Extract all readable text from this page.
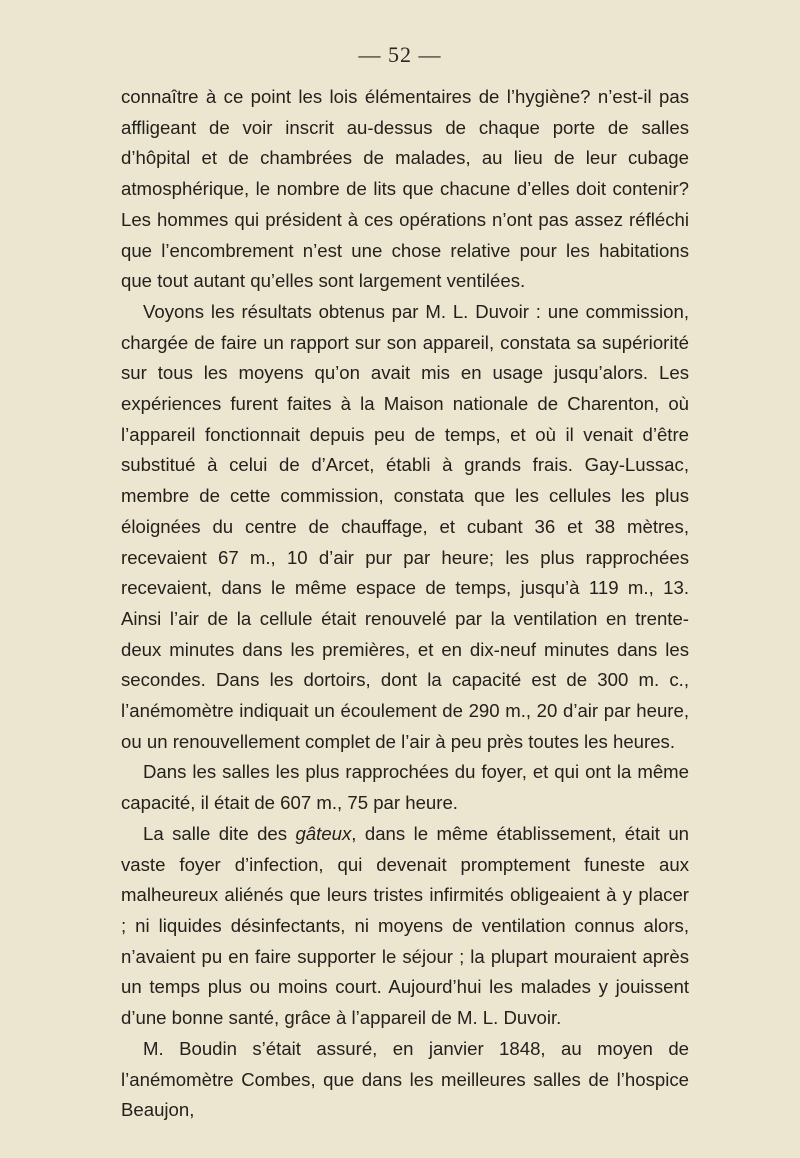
— 52 —

connaître à ce point les lois élémentaires de l’hygiène? n’est-il pas affligeant de voir inscrit au-dessus de chaque porte de salles d’hôpital et de chambrées de malades, au lieu de leur cubage atmosphérique, le nombre de lits que chacune d’elles doit contenir? Les hommes qui président à ces opérations n’ont pas assez réfléchi que l’encombrement n’est une chose relative pour les habitations que tout autant qu’elles sont largement ventilées.

Voyons les résultats obtenus par M. L. Duvoir : une commission, chargée de faire un rapport sur son appareil, constata sa supériorité sur tous les moyens qu’on avait mis en usage jusqu’alors. Les expériences furent faites à la Maison nationale de Charenton, où l’appareil fonctionnait depuis peu de temps, et où il venait d’être substitué à celui de d’Arcet, établi à grands frais. Gay-Lussac, membre de cette commission, constata que les cellules les plus éloignées du centre de chauffage, et cubant 36 et 38 mètres, recevaient 67 m., 10 d’air pur par heure; les plus rapprochées recevaient, dans le même espace de temps, jusqu’à 119 m., 13. Ainsi l’air de la cellule était renouvelé par la ventilation en trente-deux minutes dans les premières, et en dix-neuf minutes dans les secondes. Dans les dortoirs, dont la capacité est de 300 m. c., l’anémomètre indiquait un écoulement de 290 m., 20 d’air par heure, ou un renouvellement complet de l’air à peu près toutes les heures.

Dans les salles les plus rapprochées du foyer, et qui ont la même capacité, il était de 607 m., 75 par heure.

La salle dite des gâteux, dans le même établissement, était un vaste foyer d’infection, qui devenait promptement funeste aux malheureux aliénés que leurs tristes infirmités obligeaient à y placer ; ni liquides désinfectants, ni moyens de ventilation connus alors, n’avaient pu en faire supporter le séjour ; la plupart mouraient après un temps plus ou moins court. Aujourd’hui les malades y jouissent d’une bonne santé, grâce à l’appareil de M. L. Duvoir.

M. Boudin s’était assuré, en janvier 1848, au moyen de l’anémomètre Combes, que dans les meilleures salles de l’hospice Beaujon,
